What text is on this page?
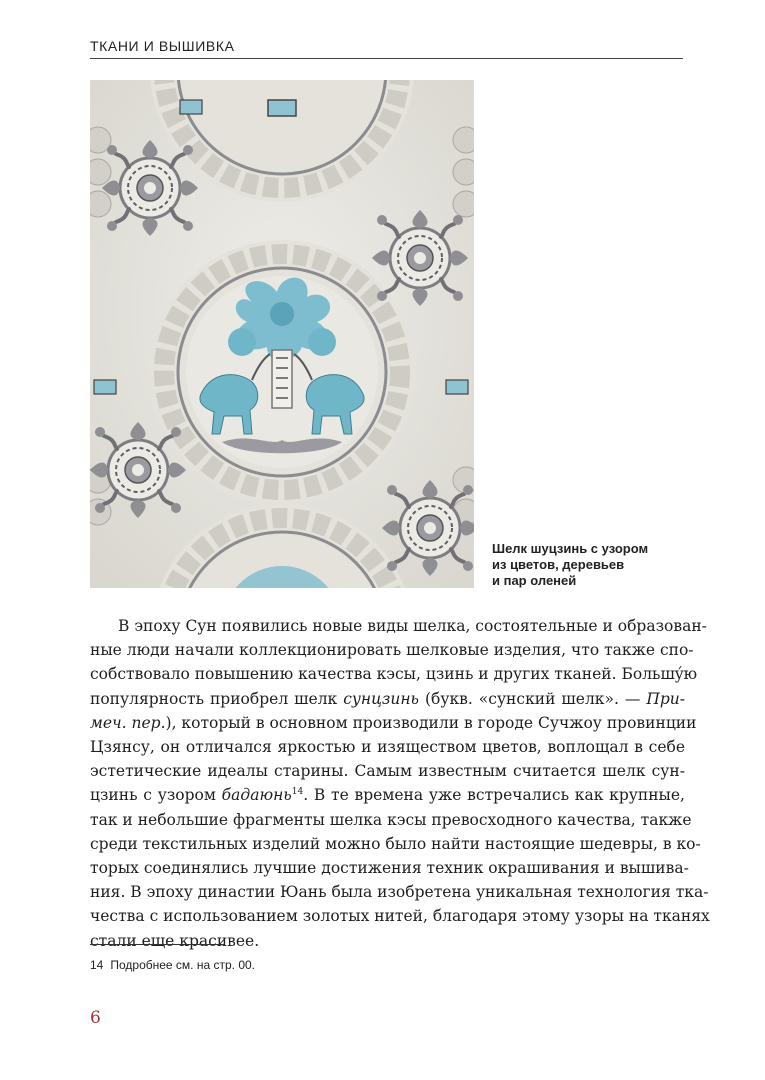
ТКАНИ И ВЫШИВКА
Шелк шуцзинь с узором
из цветов, деревьев
и пар оленей
В эпоху Сун появились новые виды шелка, состоятельные и образован-
ные люди начали коллекционировать шелковые изделия, что также спо-
собствовало повышению качества кэсы, цзинь и других тканей. Большýю
популярность приобрел шелк сунцзинь (букв. «сунский шелк». — При-
меч. пер.), который в основном производили в городе Сучжоу провинции
Цзянсу, он отличался яркостью и изяществом цветов, воплощал в себе
эстетические идеалы старины. Самым известным считается шелк сун-
цзинь с узором бадаюнь$^{14}$. В те времена уже встречались как крупные,
так и небольшие фрагменты шелка кэсы превосходного качества, также
среди текстильных изделий можно было найти настоящие шедевры, в ко-
торых соединялись лучшие достижения техник окрашивания и вышива-
ния. В эпоху династии Юань была изобретена уникальная технология тка-
чества с использованием золотых нитей, благодаря этому узоры на тканях
стали еще красивее.
14 Подробнее см. на стр. 00.
6
